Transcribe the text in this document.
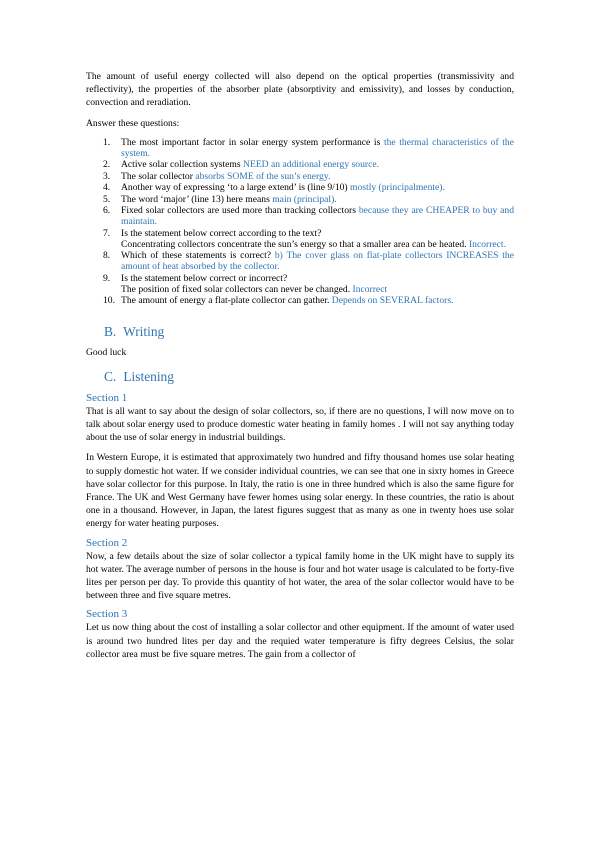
The amount of useful energy collected will also depend on the optical properties (transmissivity and reflectivity), the properties of the absorber plate (absorptivity and emissivity), and losses by conduction, convection and reradiation.

Answer these questions:

1. The most important factor in solar energy system performance is the thermal characteristics of the system.
2. Active solar collection systems NEED an additional energy source.
3. The solar collector absorbs SOME of the sun’s energy.
4. Another way of expressing ‘to a large extend’ is (line 9/10) mostly (principalmente).
5. The word ‘major’ (line 13) here means main (principal).
6. Fixed solar collectors are used more than tracking collectors because they are CHEAPER to buy and maintain.
7. Is the statement below correct according to the text?
Concentrating collectors concentrate the sun’s energy so that a smaller area can be heated. Incorrect.
8. Which of these statements is correct? b) The cover glass on flat-plate collectors INCREASES the amount of heat absorbed by the collector.
9. Is the statement below correct or incorrect?
The position of fixed solar collectors can never be changed. Incorrect
10. The amount of energy a flat-plate collector can gather. Depends on SEVERAL factors.
B. Writing

Good luck

C. Listening
Section 1

That is all want to say about the design of solar collectors, so, if there are no questions, I will now move on to talk about solar energy used to produce domestic water heating in family homes . I will not say anything today about the use of solar energy in industrial buildings.

In Western Europe, it is estimated that approximately two hundred and fifty thousand homes use solar heating to supply domestic hot water. If we consider individual countries, we can see that one in sixty homes in Greece have solar collector for this purpose. In Italy, the ratio is one in three hundred which is also the same figure for France. The UK and West Germany have fewer homes using solar energy. In these countries, the ratio is about one in a thousand. However, in Japan, the latest figures suggest that as many as one in twenty hoes use solar energy for water heating purposes.

Section 2

Now, a few details about the size of solar collector a typical family home in the UK might have to supply its hot water. The average number of persons in the house is four and hot water usage is calculated to be forty-five lites per person per day. To provide this quantity of hot water, the area of the solar collector would have to be between three and five square metres.

Section 3

Let us now thing about the cost of installing a solar collector and other equipment. If the amount of water used is around two hundred lites per day and the requied water temperature is fifty degrees Celsius, the solar collector area must be five square metres. The gain from a collector of
